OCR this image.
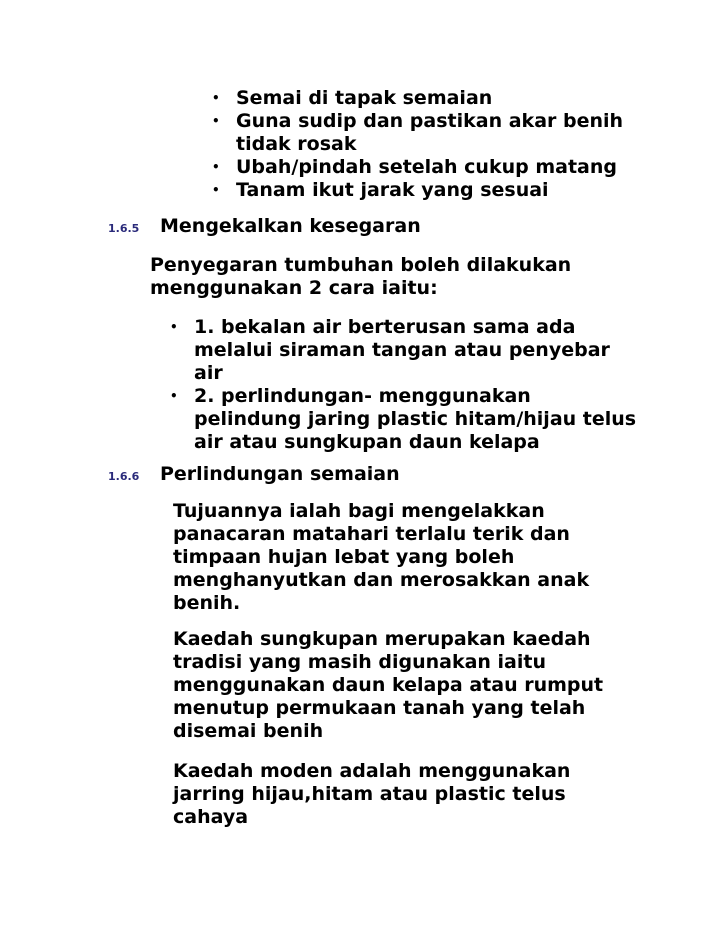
• Semai di tapak semaian
• Guna sudip dan pastikan akar benih tidak rosak
• Ubah/pindah setelah cukup matang
• Tanam ikut jarak yang sesuai
1.6.5 Mengekalkan kesegaran
Penyegaran tumbuhan boleh dilakukan menggunakan 2 cara iaitu:
• 1. bekalan air berterusan sama ada melalui siraman tangan atau penyebar air
• 2. perlindungan- menggunakan pelindung jaring plastic hitam/hijau telus air atau sungkupan daun kelapa
1.6.6 Perlindungan semaian
Tujuannya ialah bagi mengelakkan panacaran matahari terlalu terik dan timpaan hujan lebat yang boleh menghanyutkan dan merosakkan anak benih.
Kaedah sungkupan merupakan kaedah tradisi yang masih digunakan iaitu menggunakan daun kelapa atau rumput menutup permukaan tanah yang telah disemai benih
Kaedah moden adalah menggunakan jarring hijau,hitam atau plastic telus cahaya
